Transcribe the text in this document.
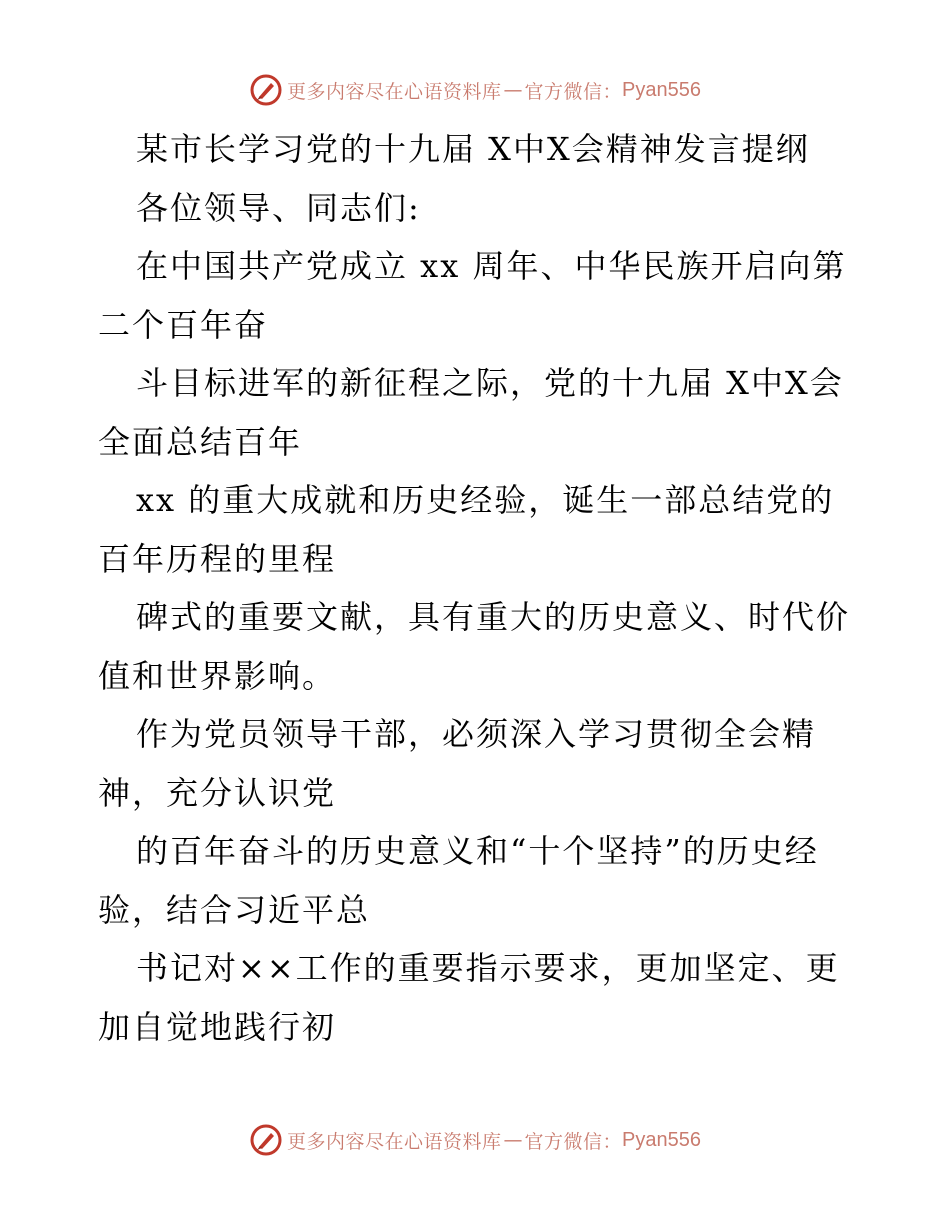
更多内容尽在心语资料库 — 官方微信： Pyan556
某市长学习党的十九届 X中X会精神发言提纲
各位领导、同志们:
在中国共产党成立 xx 周年、中华民族开启向第
二个百年奋
斗目标进军的新征程之际，党的十九届 X中X会
全面总结百年
xx 的重大成就和历史经验，诞生一部总结党的
百年历程的里程
碑式的重要文献，具有重大的历史意义、时代价
值和世界影响。
作为党员领导干部，必须深入学习贯彻全会精
神，充分认识党
的百年奋斗的历史意义和“十个坚持”的历史经
验，结合习近平总
书记对××工作的重要指示要求，更加坚定、更
加自觉地践行初
更多内容尽在心语资料库 — 官方微信： Pyan556
